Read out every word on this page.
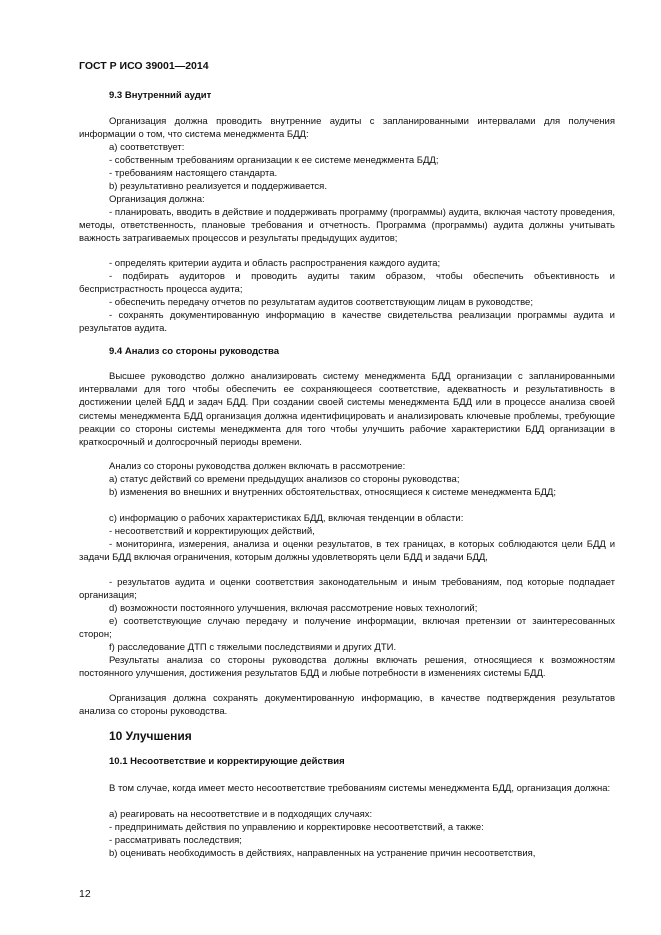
ГОСТ Р ИСО 39001—2014
9.3 Внутренний аудит

Организация должна проводить внутренние аудиты с запланированными интервалами для получения информации о том, что система менеджмента БДД:

а) соответствует:

- собственным требованиям организации к ее системе менеджмента БДД;

- требованиям настоящего стандарта.

b) результативно реализуется и поддерживается.

Организация должна:

- планировать, вводить в действие и поддерживать программу (программы) аудита, включая частоту проведения, методы, ответственность, плановые требования и отчетность. Программа (программы) аудита должны учитывать важность затрагиваемых процессов и результаты предыдущих аудитов;

- определять критерии аудита и область распространения каждого аудита;

- подбирать аудиторов и проводить аудиты таким образом, чтобы обеспечить объективность и беспристрастность процесса аудита;

- обеспечить передачу отчетов по результатам аудитов соответствующим лицам в руководстве;

- сохранять документированную информацию в качестве свидетельства реализации программы аудита и результатов аудита.

9.4 Анализ со стороны руководства

Высшее руководство должно анализировать систему менеджмента БДД организации с запланированными интервалами для того чтобы обеспечить ее сохраняющееся соответствие, адекватность и результативность в достижении целей БДД и задач БДД. При создании своей системы менеджмента БДД или в процессе анализа своей системы менеджмента БДД организация должна идентифицировать и анализировать ключевые проблемы, требующие реакции со стороны системы менеджмента для того чтобы улучшить рабочие характеристики БДД организации в краткосрочный и долгосрочный периоды времени.

Анализ со стороны руководства должен включать в рассмотрение:

а) статус действий со времени предыдущих анализов со стороны руководства;

b) изменения во внешних и внутренних обстоятельствах, относящиеся к системе менеджмента БДД;

с) информацию о рабочих характеристиках БДД, включая тенденции в области:

- несоответствий и корректирующих действий,

- мониторинга, измерения, анализа и оценки результатов, в тех границах, в которых соблюдаются цели БДД и задачи БДД включая ограничения, которым должны удовлетворять цели БДД и задачи БДД,

- результатов аудита и оценки соответствия законодательным и иным требованиям, под которые подпадает организация;

d) возможности постоянного улучшения, включая рассмотрение новых технологий;

е) соответствующие случаю передачу и получение информации, включая претензии от заинтересованных сторон;

f) расследование ДТП с тяжелыми последствиями и других ДТИ.

Результаты анализа со стороны руководства должны включать решения, относящиеся к возможностям постоянного улучшения, достижения результатов БДД и любые потребности в изменениях системы БДД.

Организация должна сохранять документированную информацию, в качестве подтверждения результатов анализа со стороны руководства.

10 Улучшения
10.1 Несоответствие и корректирующие действия

В том случае, когда имеет место несоответствие требованиям системы менеджмента БДД, организация должна:

а) реагировать на несоответствие и в подходящих случаях:

- предпринимать действия по управлению и корректировке несоответствий, а также:

- рассматривать последствия;

b) оценивать необходимость в действиях, направленных на устранение причин несоответствия,

12
